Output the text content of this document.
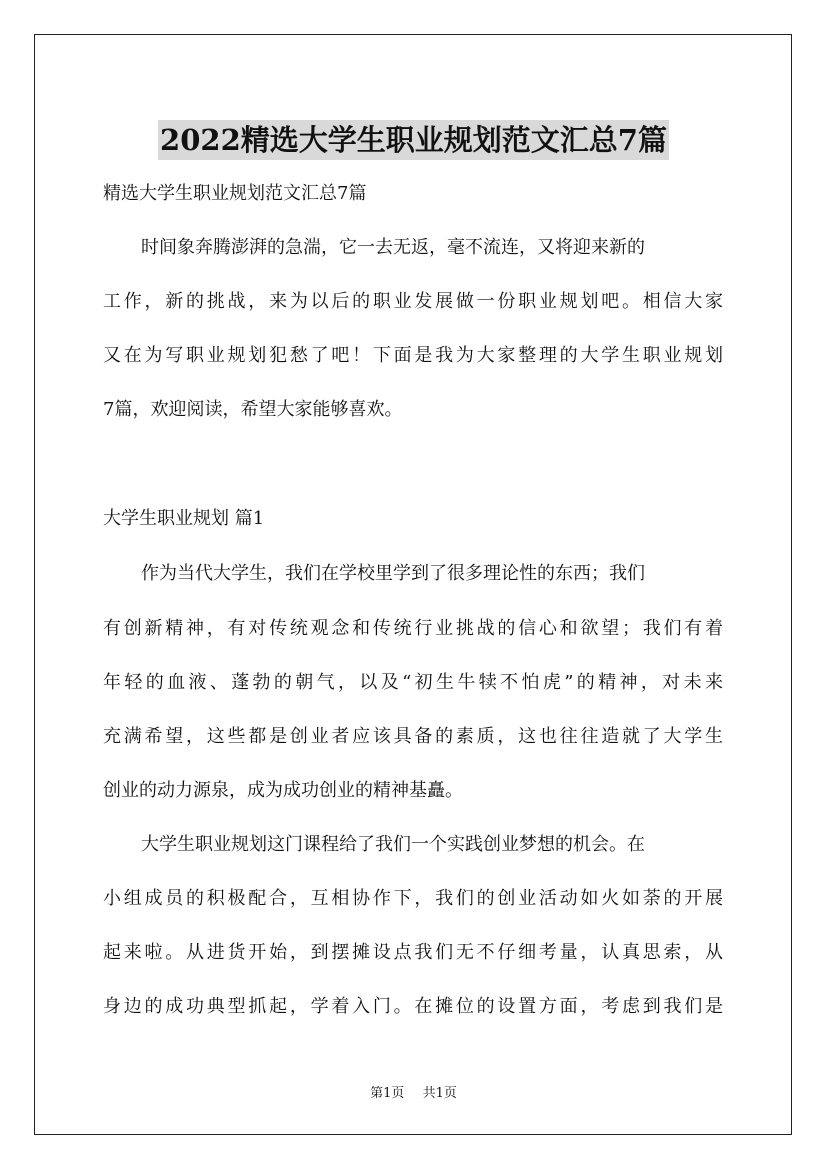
2022精选大学生职业规划范文汇总7篇

精选大学生职业规划范文汇总7篇

时间象奔腾澎湃的急湍，它一去无返，毫不流连，又将迎来新的

工作，新的挑战，来为以后的职业发展做一份职业规划吧。相信大家

又在为写职业规划犯愁了吧！下面是我为大家整理的大学生职业规划

7篇，欢迎阅读，希望大家能够喜欢。

大学生职业规划 篇1

作为当代大学生，我们在学校里学到了很多理论性的东西；我们

有创新精神，有对传统观念和传统行业挑战的信心和欲望；我们有着

年轻的血液、蓬勃的朝气，以及“初生牛犊不怕虎”的精神，对未来

充满希望，这些都是创业者应该具备的素质，这也往往造就了大学生

创业的动力源泉，成为成功创业的精神基矗。

大学生职业规划这门课程给了我们一个实践创业梦想的机会。在

小组成员的积极配合，互相协作下，我们的创业活动如火如荼的开展

起来啦。从进货开始，到摆摊设点我们无不仔细考量，认真思索，从

身边的成功典型抓起，学着入门。在摊位的设置方面，考虑到我们是

第1页 共1页
